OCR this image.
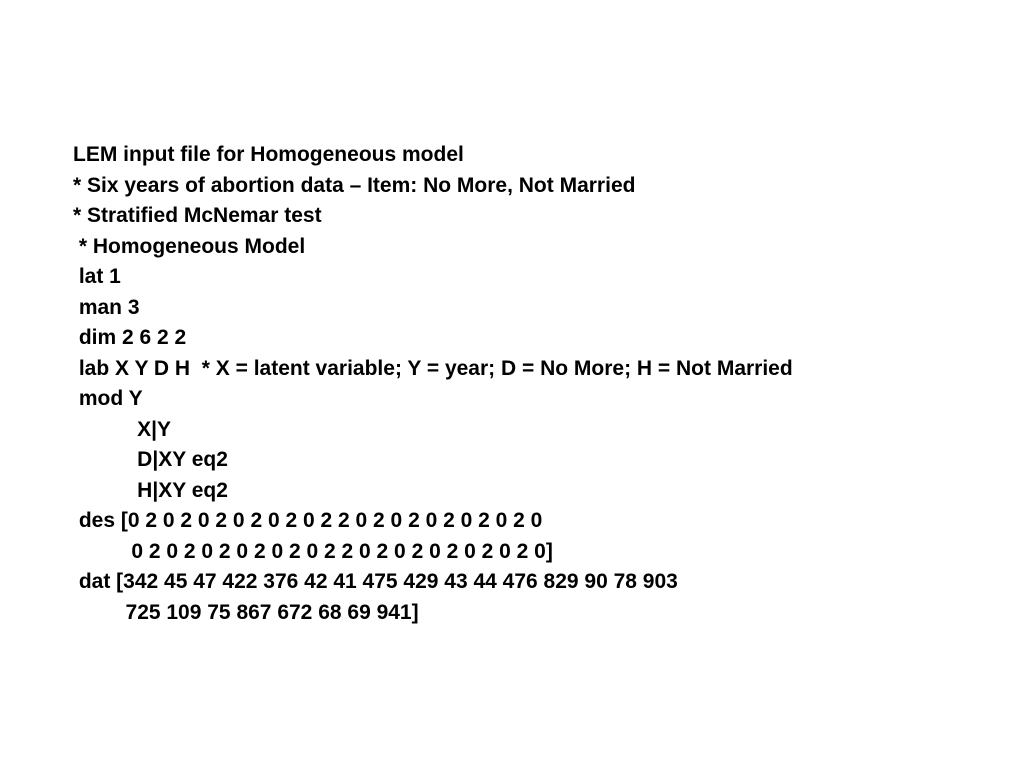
LEM input file for Homogeneous model
* Six years of abortion data – Item: No More, Not Married
* Stratified McNemar test
* Homogeneous Model
lat 1
man 3
dim 2 6 2 2
lab X Y D H  * X = latent variable; Y = year; D = No More; H = Not Married
mod Y
X|Y
D|XY eq2
H|XY eq2
des [0 2 0 2 0 2 0 2 0 2 0 2 2 0 2 0 2 0 2 0 2 0 2 0
0 2 0 2 0 2 0 2 0 2 0 2 2 0 2 0 2 0 2 0 2 0 2 0]
dat [342 45 47 422 376 42 41 475 429 43 44 476 829 90 78 903
725 109 75 867 672 68 69 941]
